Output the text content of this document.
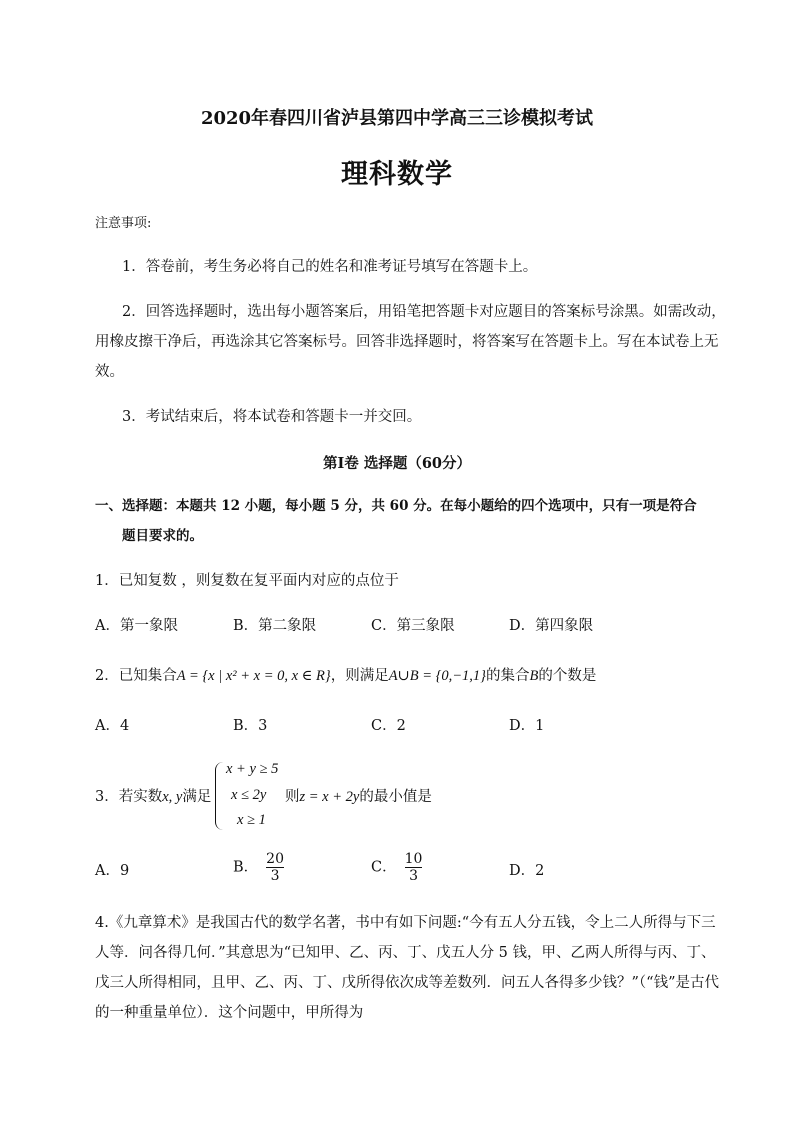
2020年春四川省泸县第四中学高三三诊模拟考试
理科数学
注意事项:
1．答卷前，考生务必将自己的姓名和准考证号填写在答题卡上。
2．回答选择题时，选出每小题答案后，用铅笔把答题卡对应题目的答案标号涂黑。如需改动，
用橡皮擦干净后，再选涂其它答案标号。回答非选择题时，将答案写在答题卡上。写在本试卷上无
效。
3．考试结束后，将本试卷和答题卡一并交回。
第Ⅰ卷 选择题（60分）
一、选择题：本题共 12 小题，每小题 5 分，共 60 分。在每小题给的四个选项中，只有一项是符合
题目要求的。
1．已知复数 ，则复数在复平面内对应的点位于
A．第一象限	B．第二象限	C．第三象限	D．第四象限
2．已知集合A = {x | x² + x = 0, x ∈ R}，则满足A∪B = {0,−1,1}的集合B的个数是
A．4	B．3	C．2	D．1
3．若实数x, y满足
x + y ≥ 5
x ≤ 2y
x ≥ 1
则z = x + 2y的最小值是
A．9	B． $\frac{20}{3}$	C． $\frac{10}{3}$	D．2
4.《九章算术》是我国古代的数学名著，书中有如下问题:“今有五人分五钱，令上二人所得与下三
人等．问各得几何．”其意思为“已知甲、乙、丙、丁、戊五人分 5 钱，甲、乙两人所得与丙、丁、
戊三人所得相同，且甲、乙、丙、丁、戊所得依次成等差数列．问五人各得多少钱？”（“钱”是古代
的一种重量单位）．这个问题中，甲所得为
